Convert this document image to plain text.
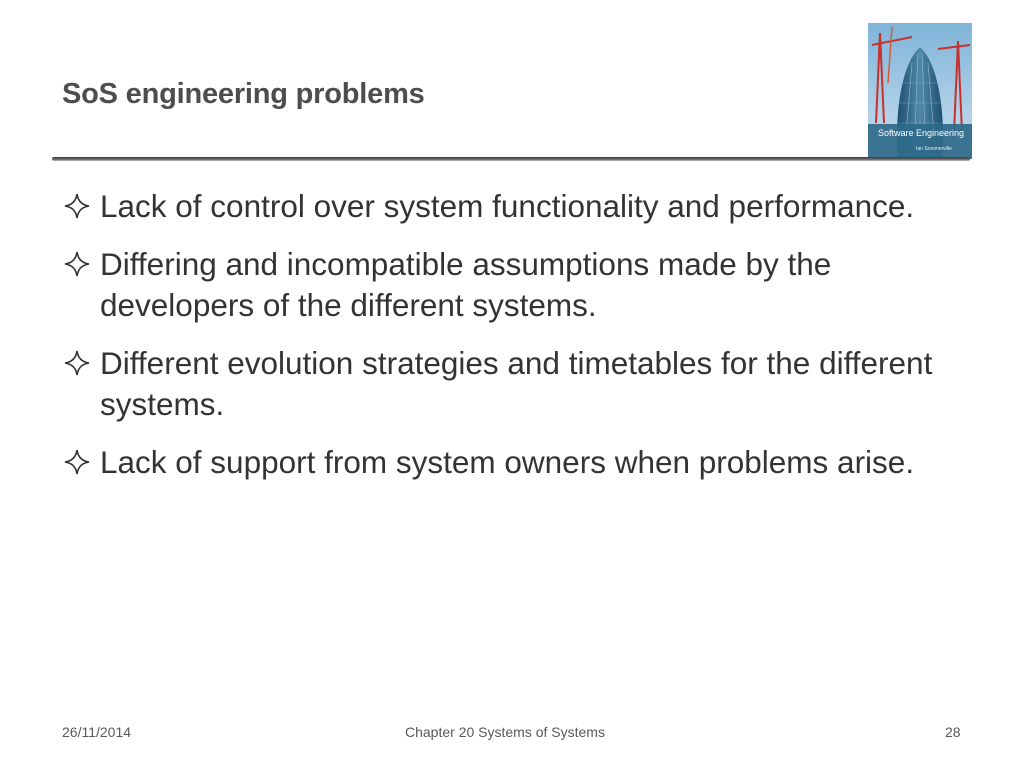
SoS engineering problems
Software Engineering
Ian Sommerville
Lack of control over system functionality and performance.
Differing and incompatible assumptions made by the developers of the different systems.
Different evolution strategies and timetables for the different systems.
Lack of support from system owners when problems arise.
26/11/2014	Chapter 20 Systems of Systems	28
